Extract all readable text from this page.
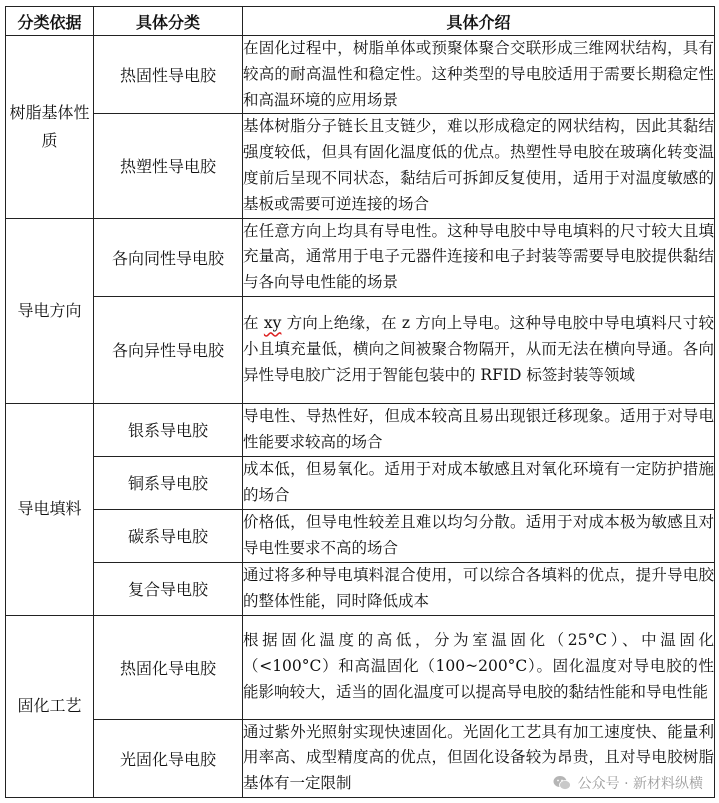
分类依据	具体分类	具体介绍
树脂基体性质	热固性导电胶	在固化过程中，树脂单体或预聚体聚合交联形成三维网状结构，具有较高的耐高温性和稳定性。这种类型的导电胶适用于需要长期稳定性和高温环境的应用场景
	热塑性导电胶	基体树脂分子链长且支链少，难以形成稳定的网状结构，因此其黏结强度较低，但具有固化温度低的优点。热塑性导电胶在玻璃化转变温度前后呈现不同状态，黏结后可拆卸反复使用，适用于对温度敏感的基板或需要可逆连接的场合
导电方向	各向同性导电胶	在任意方向上均具有导电性。这种导电胶中导电填料的尺寸较大且填充量高，通常用于电子元器件连接和电子封装等需要导电胶提供黏结与各向导电性能的场景
	各向异性导电胶	在 xy 方向上绝缘，在 z 方向上导电。这种导电胶中导电填料尺寸较小且填充量低，横向之间被聚合物隔开，从而无法在横向导通。各向异性导电胶广泛用于智能包装中的 RFID 标签封装等领域
导电填料	银系导电胶	导电性、导热性好，但成本较高且易出现银迁移现象。适用于对导电性能要求较高的场合
	铜系导电胶	成本低，但易氧化。适用于对成本敏感且对氧化环境有一定防护措施的场合
	碳系导电胶	价格低，但导电性较差且难以均匀分散。适用于对成本极为敏感且对导电性要求不高的场合
	复合导电胶	通过将多种导电填料混合使用，可以综合各填料的优点，提升导电胶的整体性能，同时降低成本
固化工艺	热固化导电胶	根据固化温度的高低，分为室温固化（25°C）、中温固化（<100°C）和高温固化（100~200°C）。固化温度对导电胶的性能影响较大，适当的固化温度可以提高导电胶的黏结性能和导电性能
	光固化导电胶	通过紫外光照射实现快速固化。光固化工艺具有加工速度快、能量利用率高、成型精度高的优点，但固化设备较为昂贵，且对导电胶树脂基体有一定限制	公众号 · 新材料纵横
